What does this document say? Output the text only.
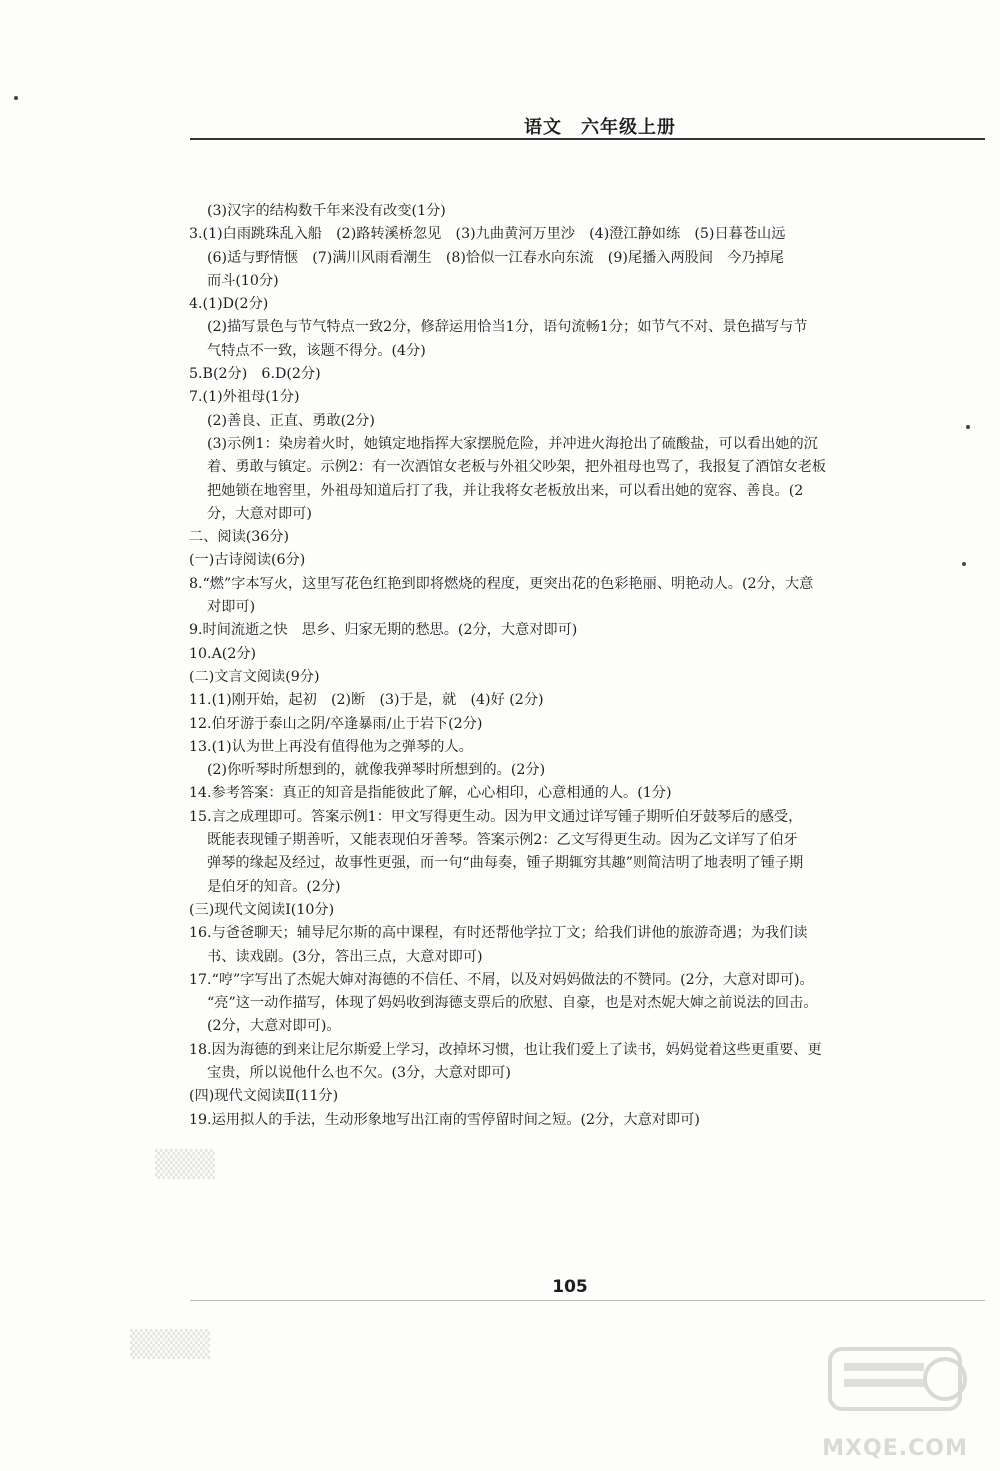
语文　六年级上册
(3)汉字的结构数千年来没有改变(1分)
3.(1)白雨跳珠乱入船　(2)路转溪桥忽见　(3)九曲黄河万里沙　(4)澄江静如练　(5)日暮苍山远
(6)适与野情惬　(7)满川风雨看潮生　(8)恰似一江春水向东流　(9)尾播入两股间　今乃掉尾
而斗(10分)
4.(1)D(2分)
(2)描写景色与节气特点一致2分，修辞运用恰当1分，语句流畅1分；如节气不对、景色描写与节
气特点不一致，该题不得分。(4分)
5.B(2分)　6.D(2分)
7.(1)外祖母(1分)
(2)善良、正直、勇敢(2分)
(3)示例1：染房着火时，她镇定地指挥大家摆脱危险，并冲进火海抢出了硫酸盐，可以看出她的沉
着、勇敢与镇定。示例2：有一次酒馆女老板与外祖父吵架，把外祖母也骂了，我报复了酒馆女老板
把她锁在地窖里，外祖母知道后打了我，并让我将女老板放出来，可以看出她的宽容、善良。(2
分，大意对即可)
二、阅读(36分)
(一)古诗阅读(6分)
8.“燃”字本写火，这里写花色红艳到即将燃烧的程度，更突出花的色彩艳丽、明艳动人。(2分，大意
对即可)
9.时间流逝之快　思乡、归家无期的愁思。(2分，大意对即可)
10.A(2分)
(二)文言文阅读(9分)
11.(1)刚开始，起初　(2)断　(3)于是，就　(4)好 (2分)
12.伯牙游于泰山之阴/卒逢暴雨/止于岩下(2分)
13.(1)认为世上再没有值得他为之弹琴的人。
(2)你听琴时所想到的，就像我弹琴时所想到的。(2分)
14.参考答案：真正的知音是指能彼此了解，心心相印，心意相通的人。(1分)
15.言之成理即可。答案示例1：甲文写得更生动。因为甲文通过详写锺子期听伯牙鼓琴后的感受，
既能表现锺子期善听，又能表现伯牙善琴。答案示例2：乙文写得更生动。因为乙文详写了伯牙
弹琴的缘起及经过，故事性更强，而一句“曲每奏，锺子期辄穷其趣”则简洁明了地表明了锺子期
是伯牙的知音。(2分)
(三)现代文阅读Ⅰ(10分)
16.与爸爸聊天；辅导尼尔斯的高中课程，有时还帮他学拉丁文；给我们讲他的旅游奇遇；为我们读
书、读戏剧。(3分，答出三点，大意对即可)
17.“哼”字写出了杰妮大婶对海德的不信任、不屑，以及对妈妈做法的不赞同。(2分，大意对即可)。
“亮”这一动作描写，体现了妈妈收到海德支票后的欣慰、自豪，也是对杰妮大婶之前说法的回击。
(2分，大意对即可)。
18.因为海德的到来让尼尔斯爱上学习，改掉坏习惯，也让我们爱上了读书，妈妈觉着这些更重要、更
宝贵，所以说他什么也不欠。(3分，大意对即可)
(四)现代文阅读Ⅱ(11分)
19.运用拟人的手法，生动形象地写出江南的雪停留时间之短。(2分，大意对即可)
105
▒▒▒
▒▒▒▒
MXQE.COM
